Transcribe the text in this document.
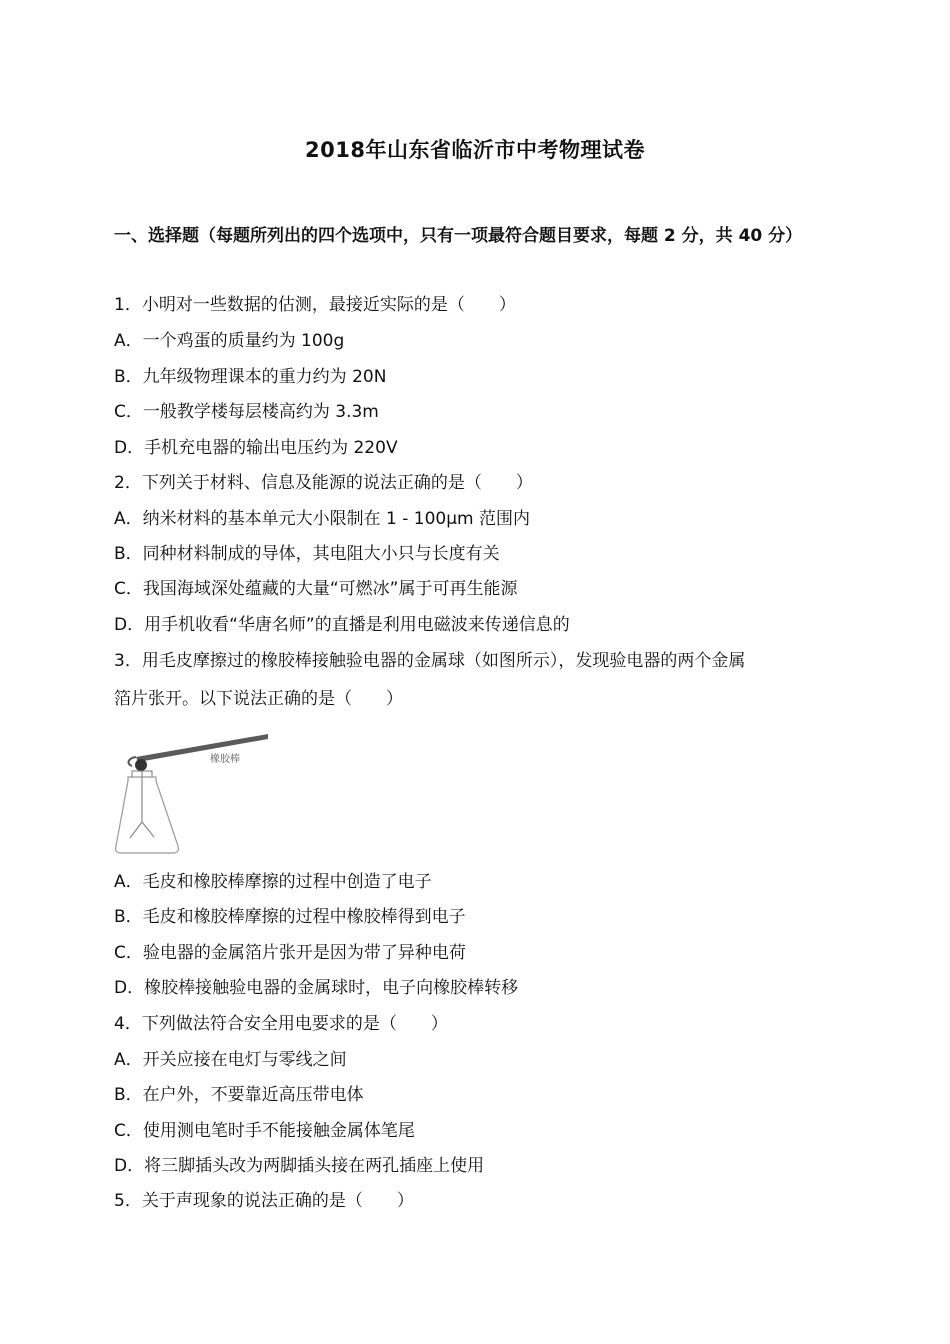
2018年山东省临沂市中考物理试卷
一、选择题（每题所列出的四个选项中，只有一项最符合题目要求，每题 2 分，共 40 分）
1．小明对一些数据的估测，最接近实际的是（　　）
A．一个鸡蛋的质量约为 100g
B．九年级物理课本的重力约为 20N
C．一般教学楼每层楼高约为 3.3m
D．手机充电器的输出电压约为 220V
2．下列关于材料、信息及能源的说法正确的是（　　）
A．纳米材料的基本单元大小限制在 1 - 100μm 范围内
B．同种材料制成的导体，其电阻大小只与长度有关
C．我国海域深处蕴藏的大量“可燃冰”属于可再生能源
D．用手机收看“华唐名师”的直播是利用电磁波来传递信息的
3．用毛皮摩擦过的橡胶棒接触验电器的金属球（如图所示），发现验电器的两个金属
箔片张开。以下说法正确的是（　　）
橡胶棒
A．毛皮和橡胶棒摩擦的过程中创造了电子
B．毛皮和橡胶棒摩擦的过程中橡胶棒得到电子
C．验电器的金属箔片张开是因为带了异种电荷
D．橡胶棒接触验电器的金属球时，电子向橡胶棒转移
4．下列做法符合安全用电要求的是（　　）
A．开关应接在电灯与零线之间
B．在户外，不要靠近高压带电体
C．使用测电笔时手不能接触金属体笔尾
D．将三脚插头改为两脚插头接在两孔插座上使用
5．关于声现象的说法正确的是（　　）
